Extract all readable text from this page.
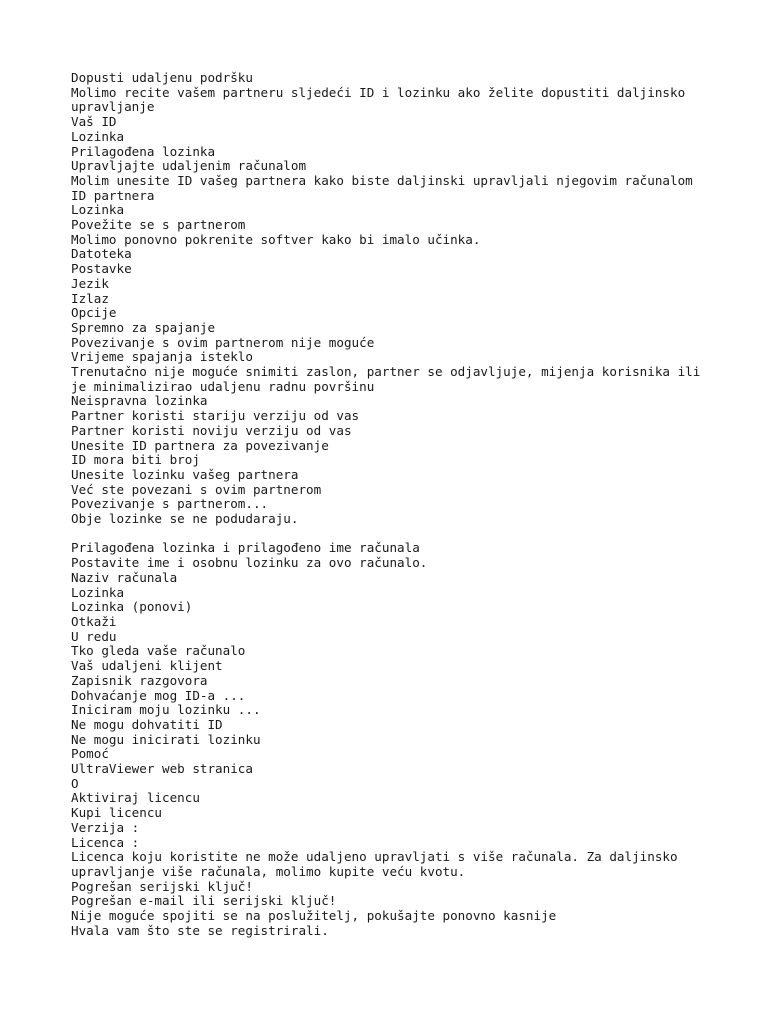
Dopusti udaljenu podršku

Molimo recite vašem partneru sljedeći ID i lozinku ako želite dopustiti daljinsko

upravljanje

Vaš ID

Lozinka

Prilagođena lozinka

Upravljajte udaljenim računalom

Molim unesite ID vašeg partnera kako biste daljinski upravljali njegovim računalom

ID partnera

Lozinka

Povežite se s partnerom

Molimo ponovno pokrenite softver kako bi imalo učinka.

Datoteka

Postavke

Jezik

Izlaz

Opcije

Spremno za spajanje

Povezivanje s ovim partnerom nije moguće

Vrijeme spajanja isteklo

Trenutačno nije moguće snimiti zaslon, partner se odjavljuje, mijenja korisnika ili

je minimalizirao udaljenu radnu površinu

Neispravna lozinka

Partner koristi stariju verziju od vas

Partner koristi noviju verziju od vas

Unesite ID partnera za povezivanje

ID mora biti broj

Unesite lozinku vašeg partnera

Već ste povezani s ovim partnerom

Povezivanje s partnerom...

Obje lozinke se ne podudaraju.

Prilagođena lozinka i prilagođeno ime računala

Postavite ime i osobnu lozinku za ovo računalo.

Naziv računala

Lozinka

Lozinka (ponovi)

Otkaži

U redu

Tko gleda vaše računalo

Vaš udaljeni klijent

Zapisnik razgovora

Dohvaćanje mog ID-a ...

Iniciram moju lozinku ...

Ne mogu dohvatiti ID

Ne mogu inicirati lozinku

Pomoć

UltraViewer web stranica

O

Aktiviraj licencu

Kupi licencu

Verzija :

Licenca :

Licenca koju koristite ne može udaljeno upravljati s više računala. Za daljinsko

upravljanje više računala, molimo kupite veću kvotu.

Pogrešan serijski ključ!

Pogrešan e-mail ili serijski ključ!

Nije moguće spojiti se na poslužitelj, pokušajte ponovno kasnije

Hvala vam što ste se registrirali.
